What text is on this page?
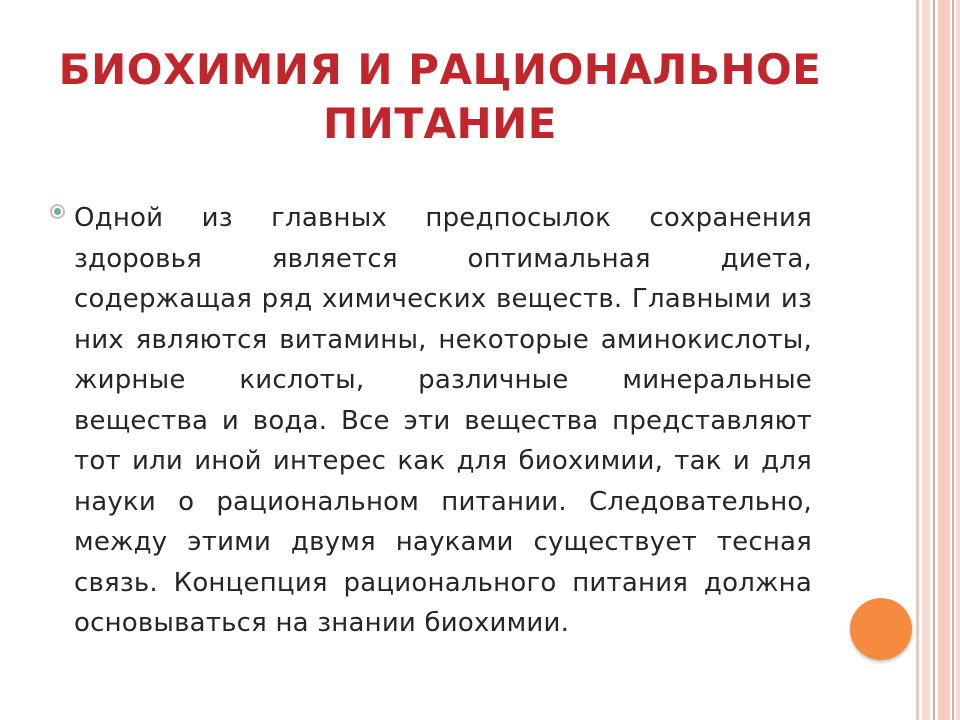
БИОХИМИЯ И РАЦИОНАЛЬНОЕ
ПИТАНИЕ

Одной из главных предпосылок сохранения здоровья является оптимальная диета, содержащая ряд химических веществ. Главными из них являются витамины, некоторые аминокислоты, жирные кислоты, различные минеральные вещества и вода. Все эти вещества представляют тот или иной интерес как для биохимии, так и для науки о рациональном питании. Следовательно, между этими двумя науками существует тесная связь. Концепция рационального питания должна основываться на знании биохимии.
